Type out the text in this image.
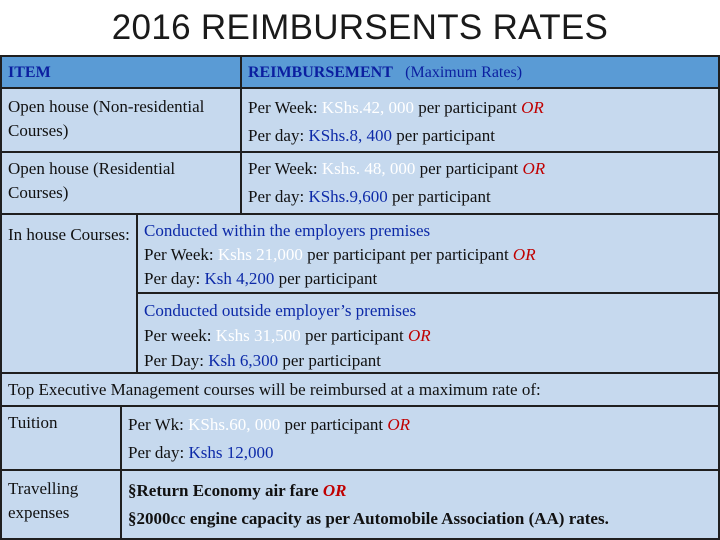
2016 REIMBURSENTS RATES
ITEM	REIMBURSEMENT (Maximum Rates)
Open house (Non-residential Courses)
Per Week: KShs.42, 000 per participant OR
Per day: KShs.8, 400 per participant
Open house (Residential Courses)
Per Week: Kshs. 48, 000 per participant OR
Per day: KShs.9,600 per participant
In house Courses: Conducted within the employers premises
Per Week: Kshs 21,000 per participant per participant OR
Per day: Ksh 4,200 per participant
Conducted outside employer’s premises
Per week: Kshs 31,500 per participant OR
Per Day: Ksh 6,300 per participant
Top Executive Management courses will be reimbursed at a maximum rate of:
Tuition	Per Wk: KShs.60, 000 per participant OR
Per day: Kshs 12,000
Travelling expenses
§Return Economy air fare OR
§2000cc engine capacity as per Automobile Association (AA) rates.
